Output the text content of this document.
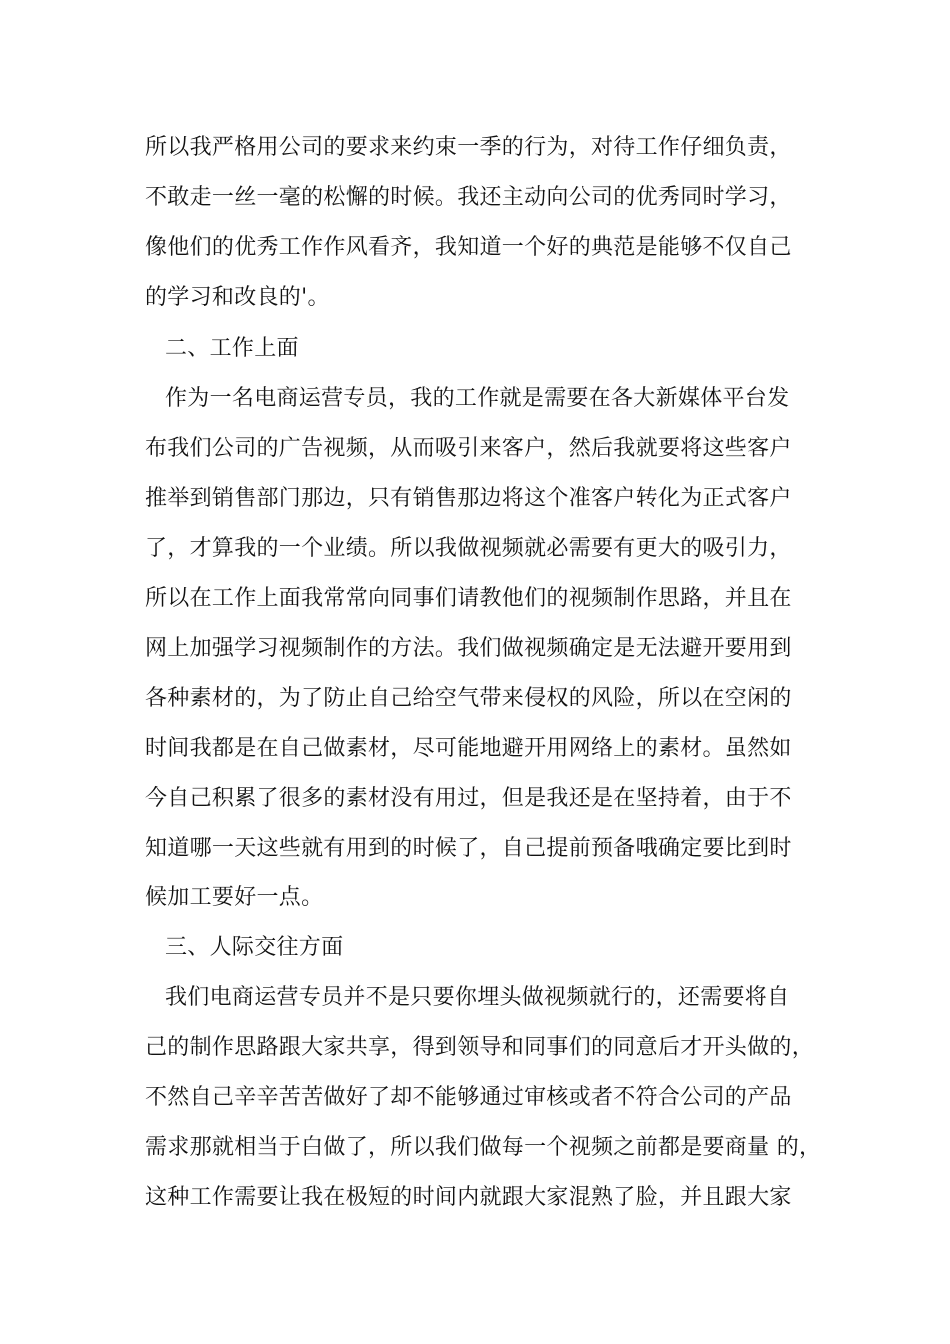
所以我严格用公司的要求来约束一季的行为，对待工作仔细负责，
不敢走一丝一毫的松懈的时候。我还主动向公司的优秀同时学习，
像他们的优秀工作作风看齐，我知道一个好的典范是能够不仅自己
的学习和改良的'。
二、工作上面
作为一名电商运营专员，我的工作就是需要在各大新媒体平台发
布我们公司的广告视频，从而吸引来客户，然后我就要将这些客户
推举到销售部门那边，只有销售那边将这个准客户转化为正式客户
了，才算我的一个业绩。所以我做视频就必需要有更大的吸引力，
所以在工作上面我常常向同事们请教他们的视频制作思路，并且在
网上加强学习视频制作的方法。我们做视频确定是无法避开要用到
各种素材的，为了防止自己给空气带来侵权的风险，所以在空闲的
时间我都是在自己做素材，尽可能地避开用网络上的素材。虽然如
今自己积累了很多的素材没有用过，但是我还是在坚持着，由于不
知道哪一天这些就有用到的时候了，自己提前预备哦确定要比到时
候加工要好一点。
三、人际交往方面
我们电商运营专员并不是只要你埋头做视频就行的，还需要将自
己的制作思路跟大家共享，得到领导和同事们的同意后才开头做的，
不然自己辛辛苦苦做好了却不能够通过审核或者不符合公司的产品
需求那就相当于白做了，所以我们做每一个视频之前都是要商量 的，
这种工作需要让我在极短的时间内就跟大家混熟了脸，并且跟大家
